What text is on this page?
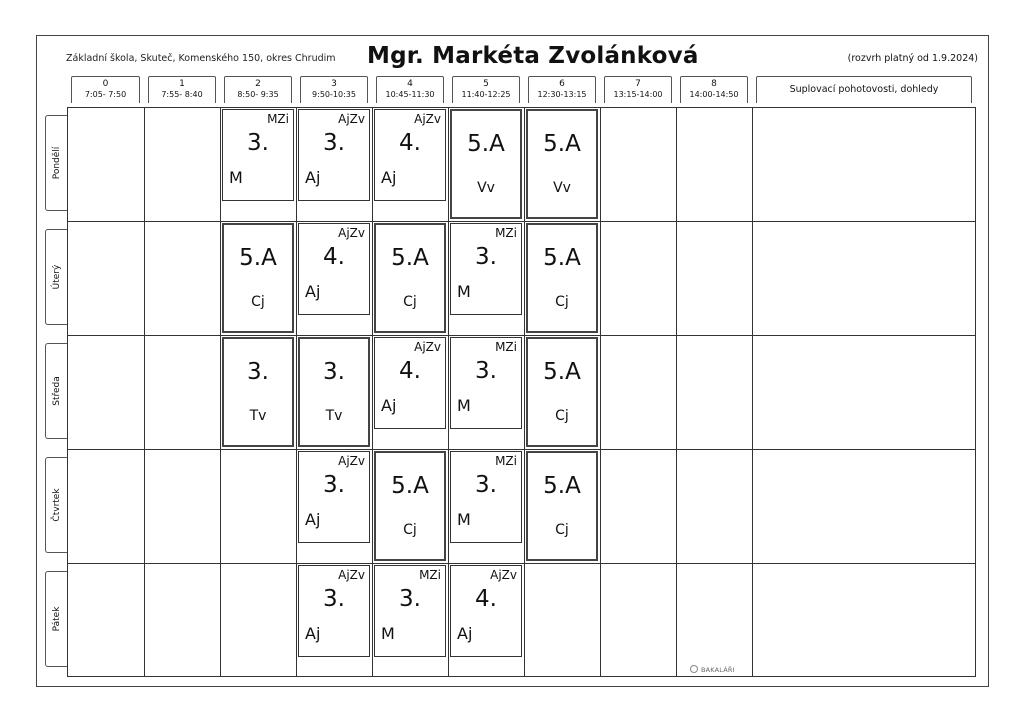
Základní škola, Skuteč, Komenského 150, okres Chrudim Mgr. Markéta Zvolánková	(rozvrh platný od 1.9.2024)
Suplovací pohotovosti, dohledy
0
7:05- 7:50
1
7:55- 8:40
2
8:50- 9:35
3
9:50-10:35
4
10:45-11:30
5
11:40-12:25
6
12:30-13:15
7
13:15-14:00
8
14:00-14:50
Pondělí
Úterý
Středa
Čtvrtek
Pátek
MZi
3.
M
AjZv
3.
Aj
AjZv
4.
Aj
5.A
Vv
5.A
Vv
5.A
Cj
AjZv
4.
Aj
5.A
Cj
MZi
3.
M
5.A
Cj
3.
Tv
3.
Tv
AjZv
4.
Aj
MZi
3.
M
5.A
Cj
AjZv
3.
Aj
5.A
Cj
MZi
3.
M
5.A
Cj
AjZv
3.
Aj
MZi
3.
M
AjZv
4.
Aj
BAKALÁŘI
